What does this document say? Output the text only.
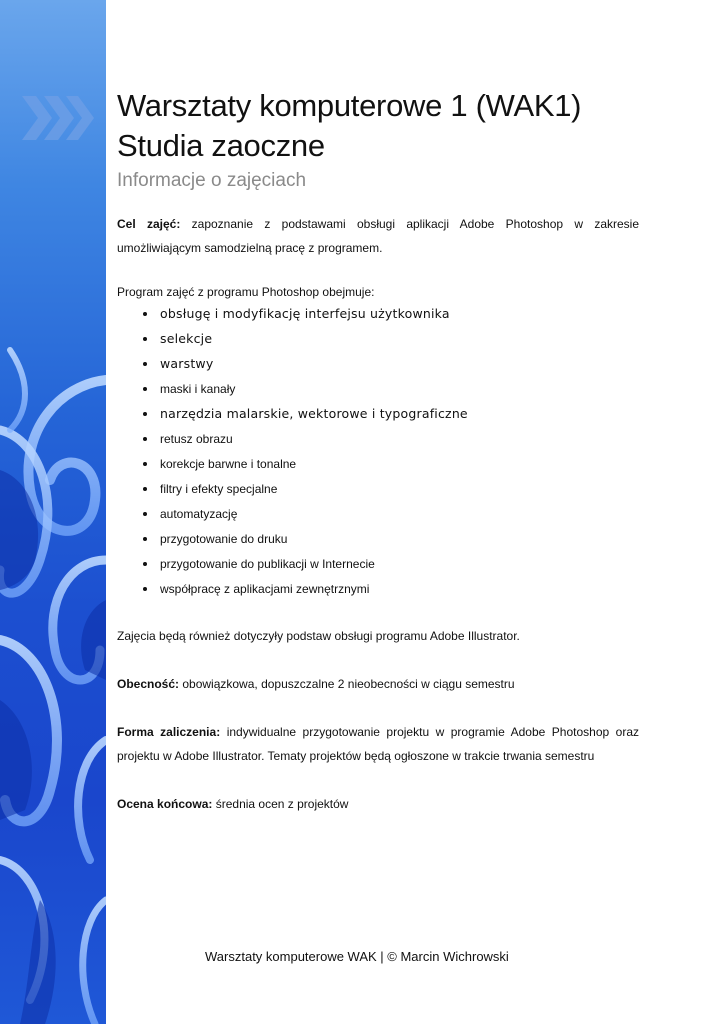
Warsztaty komputerowe 1 (WAK1)
Studia zaoczne
Informacje o zajęciach

Cel zajęć: zapoznanie z podstawami obsługi aplikacji Adobe Photoshop w zakresie umożliwiającym samodzielną pracę z programem.

Program zajęć z programu Photoshop obejmuje:

obsługę i modyfikację interfejsu użytkownika
selekcje
warstwy
maski i kanały
narzędzia malarskie, wektorowe i typograficzne
retusz obrazu
korekcje barwne i tonalne
filtry i efekty specjalne
automatyzację
przygotowanie do druku
przygotowanie do publikacji w Internecie
współpracę z aplikacjami zewnętrznymi

Zajęcia będą również dotyczyły podstaw obsługi programu Adobe Illustrator.

Obecność: obowiązkowa, dopuszczalne 2 nieobecności w ciągu semestru

Forma zaliczenia: indywidualne przygotowanie projektu w programie Adobe Photoshop oraz projektu w Adobe Illustrator. Tematy projektów będą ogłoszone w trakcie trwania semestru

Ocena końcowa: średnia ocen z projektów

Warsztaty komputerowe WAK | © Marcin Wichrowski
